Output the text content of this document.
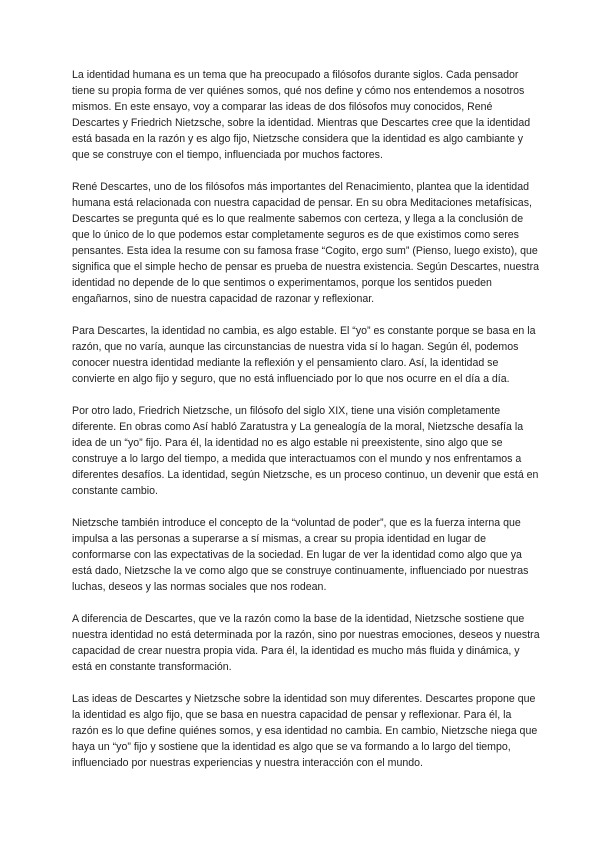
La identidad humana es un tema que ha preocupado a filósofos durante siglos. Cada pensador tiene su propia forma de ver quiénes somos, qué nos define y cómo nos entendemos a nosotros mismos. En este ensayo, voy a comparar las ideas de dos filósofos muy conocidos, René Descartes y Friedrich Nietzsche, sobre la identidad. Mientras que Descartes cree que la identidad está basada en la razón y es algo fijo, Nietzsche considera que la identidad es algo cambiante y que se construye con el tiempo, influenciada por muchos factores.

René Descartes, uno de los filósofos más importantes del Renacimiento, plantea que la identidad humana está relacionada con nuestra capacidad de pensar. En su obra Meditaciones metafísicas, Descartes se pregunta qué es lo que realmente sabemos con certeza, y llega a la conclusión de que lo único de lo que podemos estar completamente seguros es de que existimos como seres pensantes. Esta idea la resume con su famosa frase “Cogito, ergo sum” (Pienso, luego existo), que significa que el simple hecho de pensar es prueba de nuestra existencia. Según Descartes, nuestra identidad no depende de lo que sentimos o experimentamos, porque los sentidos pueden engañarnos, sino de nuestra capacidad de razonar y reflexionar.

Para Descartes, la identidad no cambia, es algo estable. El “yo” es constante porque se basa en la razón, que no varía, aunque las circunstancias de nuestra vida sí lo hagan. Según él, podemos conocer nuestra identidad mediante la reflexión y el pensamiento claro. Así, la identidad se convierte en algo fijo y seguro, que no está influenciado por lo que nos ocurre en el día a día.

Por otro lado, Friedrich Nietzsche, un filósofo del siglo XIX, tiene una visión completamente diferente. En obras como Así habló Zaratustra y La genealogía de la moral, Nietzsche desafía la idea de un “yo” fijo. Para él, la identidad no es algo estable ni preexistente, sino algo que se construye a lo largo del tiempo, a medida que interactuamos con el mundo y nos enfrentamos a diferentes desafíos. La identidad, según Nietzsche, es un proceso continuo, un devenir que está en constante cambio.

Nietzsche también introduce el concepto de la “voluntad de poder”, que es la fuerza interna que impulsa a las personas a superarse a sí mismas, a crear su propia identidad en lugar de conformarse con las expectativas de la sociedad. En lugar de ver la identidad como algo que ya está dado, Nietzsche la ve como algo que se construye continuamente, influenciado por nuestras luchas, deseos y las normas sociales que nos rodean.

A diferencia de Descartes, que ve la razón como la base de la identidad, Nietzsche sostiene que nuestra identidad no está determinada por la razón, sino por nuestras emociones, deseos y nuestra capacidad de crear nuestra propia vida. Para él, la identidad es mucho más fluida y dinámica, y está en constante transformación.

Las ideas de Descartes y Nietzsche sobre la identidad son muy diferentes. Descartes propone que la identidad es algo fijo, que se basa en nuestra capacidad de pensar y reflexionar. Para él, la razón es lo que define quiénes somos, y esa identidad no cambia. En cambio, Nietzsche niega que haya un “yo” fijo y sostiene que la identidad es algo que se va formando a lo largo del tiempo, influenciado por nuestras experiencias y nuestra interacción con el mundo.
